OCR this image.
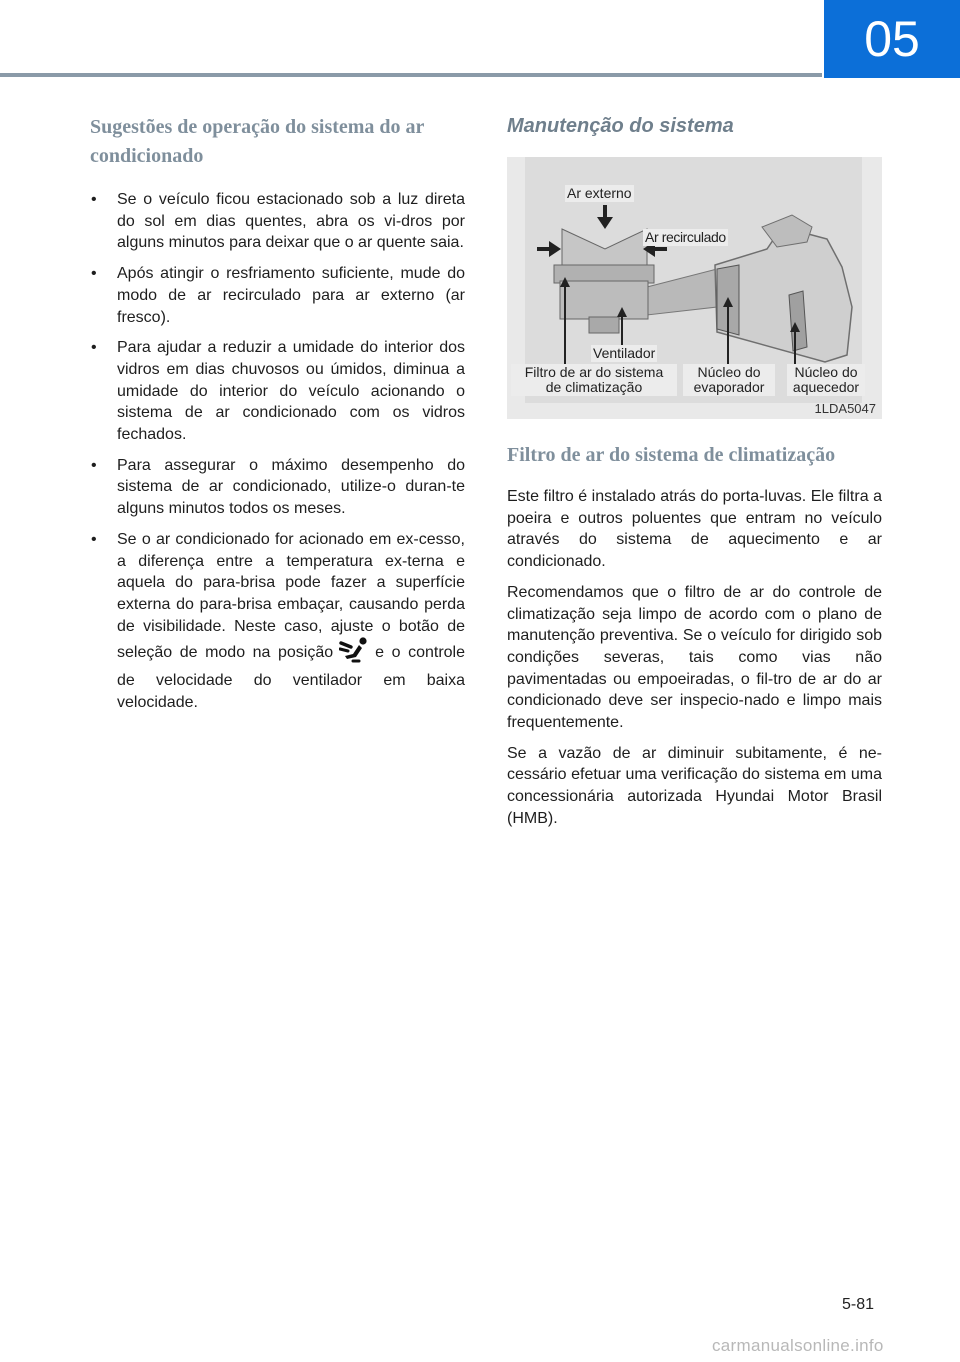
05
Sugestões de operação do sistema do ar condicionado
• Se o veículo ficou estacionado sob a luz direta do sol em dias quentes, abra os vi-dros por alguns minutos para deixar que o ar quente saia.
• Após atingir o resfriamento suficiente, mude do modo de ar recirculado para ar externo (ar fresco).
• Para ajudar a reduzir a umidade do interior dos vidros em dias chuvosos ou úmidos, diminua a umidade do interior do veículo acionando o sistema de ar condicionado com os vidros fechados.
• Para assegurar o máximo desempenho do sistema de ar condicionado, utilize-o duran-te alguns minutos todos os meses.
• Se o ar condicionado for acionado em ex-cesso, a diferença entre a temperatura ex-terna e aquela do para-brisa pode fazer a superfície externa do para-brisa embaçar, causando perda de visibilidade. Neste caso, ajuste o botão de seleção de modo na posição	e o controle de velocidade do ventilador em baixa velocidade.
Manutenção do sistema
Ar externo
Ar recirculado
Ventilador
Filtro de ar do sistema
de climatização
Núcleo do
evaporador
Núcleo do
aquecedor
1LDA5047
Filtro de ar do sistema de climatização

Este filtro é instalado atrás do porta-luvas. Ele filtra a poeira e outros poluentes que entram no veículo através do sistema de aquecimento e ar condicionado.

Recomendamos que o filtro de ar do controle de climatização seja limpo de acordo com o plano de manutenção preventiva. Se o veículo for dirigido sob condições severas, tais como vias não pavimentadas ou empoeiradas, o fil-tro de ar do ar condicionado deve ser inspecio-nado e limpo mais frequentemente.

Se a vazão de ar diminuir subitamente, é ne-cessário efetuar uma verificação do sistema em uma concessionária autorizada Hyundai Motor Brasil (HMB).

5-81
carmanualsonline.info
